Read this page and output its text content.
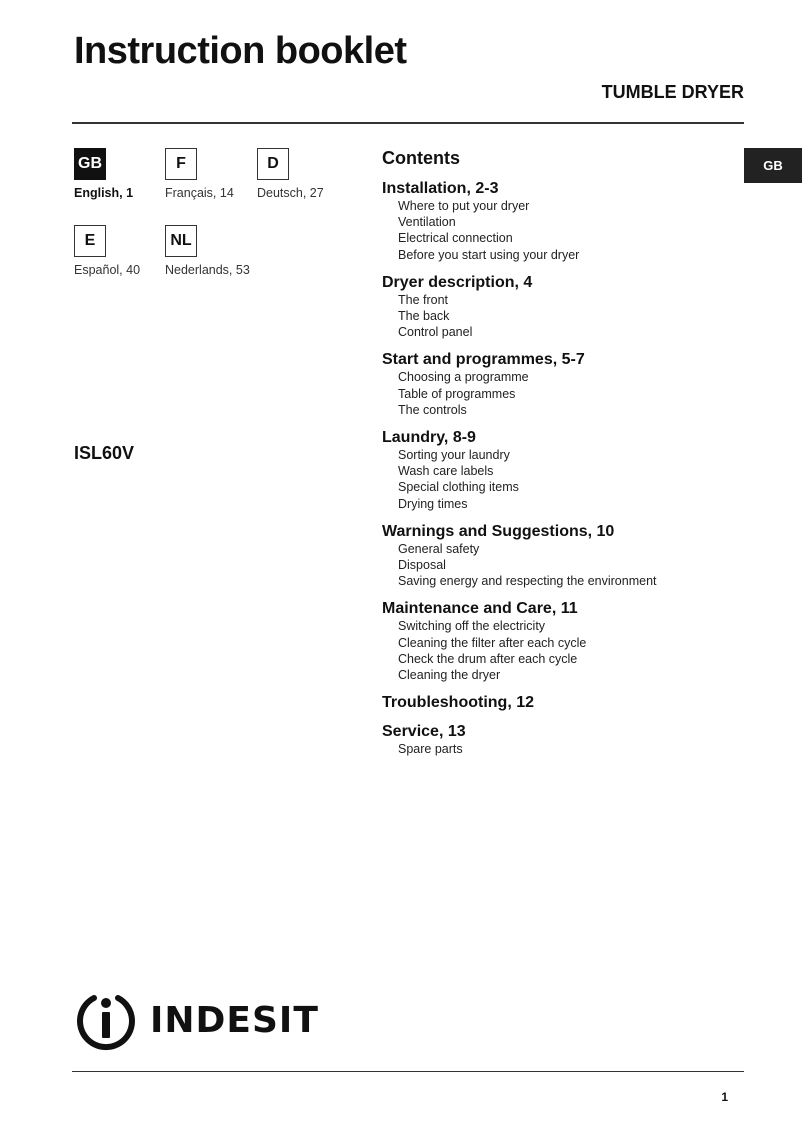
Instruction booklet
TUMBLE DRYER
GB
GB
English, 1
F
Français, 14
D
Deutsch, 27
E
Español, 40
NL
Nederlands, 53
ISL60V
Contents
Installation, 2-3
Where to put your dryer
Ventilation
Electrical connection
Before you start using your dryer
Dryer description, 4
The front
The back
Control panel
Start and programmes, 5-7
Choosing a programme
Table of programmes
The controls
Laundry, 8-9
Sorting your laundry
Wash care labels
Special clothing items
Drying times
Warnings and Suggestions, 10
General safety
Disposal
Saving energy and respecting the environment
Maintenance and Care, 11
Switching off the electricity
Cleaning the filter after each cycle
Check the drum after each cycle
Cleaning the dryer
Troubleshooting, 12
Service, 13
Spare parts
INDESIT
1
